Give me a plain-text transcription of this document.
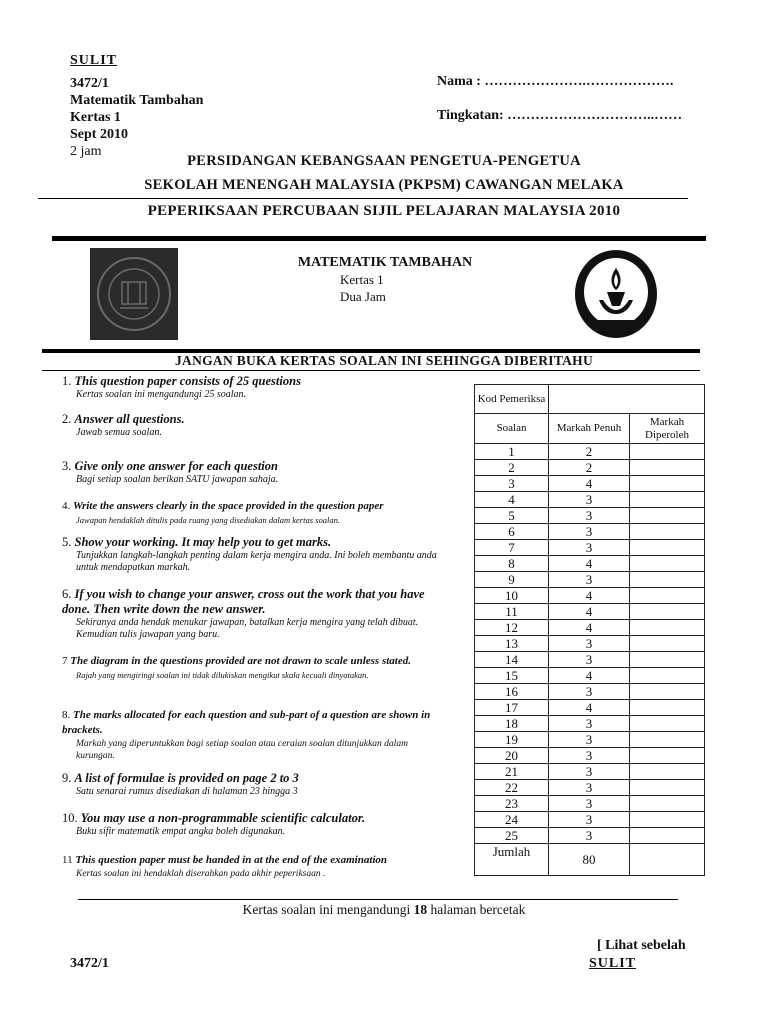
SULIT
3472/1
Matematik Tambahan
Kertas 1
Sept 2010
2 jam
Nama : ………………….……………….
Tingkatan: …………………………..……
PERSIDANGAN KEBANGSAAN PENGETUA-PENGETUA
SEKOLAH MENENGAH MALAYSIA (PKPSM) CAWANGAN MELAKA
PEPERIKSAAN PERCUBAAN SIJIL PELAJARAN MALAYSIA 2010
MATEMATIK TAMBAHAN
Kertas 1
Dua Jam
JANGAN BUKA KERTAS SOALAN INI SEHINGGA DIBERITAHU
1. This question paper consists of 25 questions
Kertas soalan ini mengandungi 25 soalan.
2. Answer all questions.
Jawab semua soalan.
3. Give only one answer for each question
Bagi setiap soalan berikan SATU jawapan sahaja.
4. Write the answers clearly in the space provided in the question paper
Jawapan hendaklah ditulis pada ruang yang disediakan dalam kertas soalan.
5. Show your working. It may help you to get marks.
Tunjukkan langkah-langkah penting dalam kerja mengira anda. Ini boleh membantu anda untuk mendapatkan markah.
6. If you wish to change your answer, cross out the work that you have done. Then write down the new answer.
Sekiranya anda hendak menukar jawapan, batalkan kerja mengira yang telah dibuat. Kemudian tulis jawapan yang baru.
7 The diagram in the questions provided are not drawn to scale unless stated.
Rajah yang mengiringi soalan ini tidak dilukiskan mengikut skala kecuali dinyatakan.
8. The marks allocated for each question and sub-part of a question are shown in brackets.
Markah yang diperuntukkan bagi setiap soalan atau ceraian soalan ditunjukkan dalam kurungan.
9. A list of formulae is provided on page 2 to 3
Satu senarai rumus disediakan di halaman 23 hingga 3
10. You may use a non-programmable scientific calculator.
Buku sifir matematik empat angka boleh digunakan.
11 This question paper must be handed in at the end of the examination
Kertas soalan ini hendaklah diserahkan pada akhir peperiksaan .
Kod Pemeriksa		
Soalan	Markah Penuh	Markah Diperoleh
1	2	
2	2	
3	4	
4	3	
5	3	
6	3	
7	3	
8	4	
9	3	
10	4	
11	4	
12	4	
13	3	
14	3	
15	4	
16	3	
17	4	
18	3	
19	3	
20	3	
21	3	
22	3	
23	3	
24	3	
25	3	
Jumlah	80	
Kertas soalan ini mengandungi 18 halaman bercetak
[ Lihat sebelah
3472/1	SULIT
